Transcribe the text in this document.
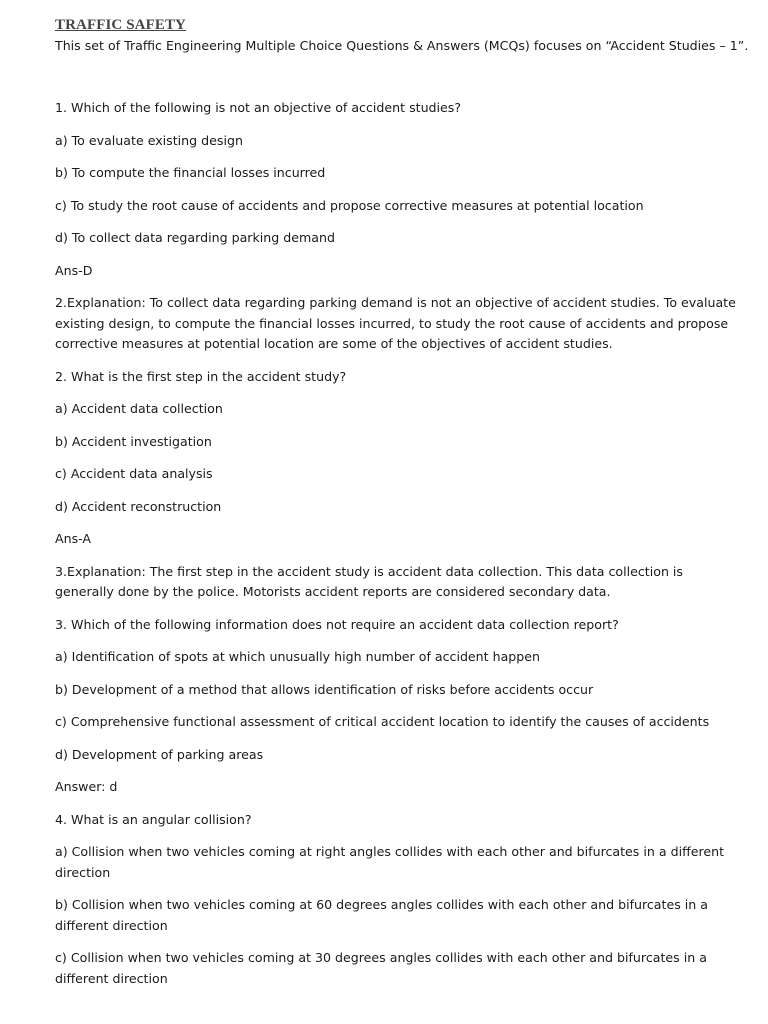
TRAFFIC SAFETY

This set of Traffic Engineering Multiple Choice Questions & Answers (MCQs) focuses on “Accident Studies – 1”.

1. Which of the following is not an objective of accident studies?

a) To evaluate existing design

b) To compute the financial losses incurred

c) To study the root cause of accidents and propose corrective measures at potential location

d) To collect data regarding parking demand

Ans-D

2.Explanation: To collect data regarding parking demand is not an objective of accident studies. To evaluate existing design, to compute the financial losses incurred, to study the root cause of accidents and propose corrective measures at potential location are some of the objectives of accident studies.

2. What is the first step in the accident study?

a) Accident data collection

b) Accident investigation

c) Accident data analysis

d) Accident reconstruction

Ans-A

3.Explanation: The first step in the accident study is accident data collection. This data collection is generally done by the police. Motorists accident reports are considered secondary data.

3. Which of the following information does not require an accident data collection report?

a) Identification of spots at which unusually high number of accident happen

b) Development of a method that allows identification of risks before accidents occur

c) Comprehensive functional assessment of critical accident location to identify the causes of accidents

d) Development of parking areas

Answer: d

4. What is an angular collision?

a) Collision when two vehicles coming at right angles collides with each other and bifurcates in a different direction

b) Collision when two vehicles coming at 60 degrees angles collides with each other and bifurcates in a different direction

c) Collision when two vehicles coming at 30 degrees angles collides with each other and bifurcates in a different direction
